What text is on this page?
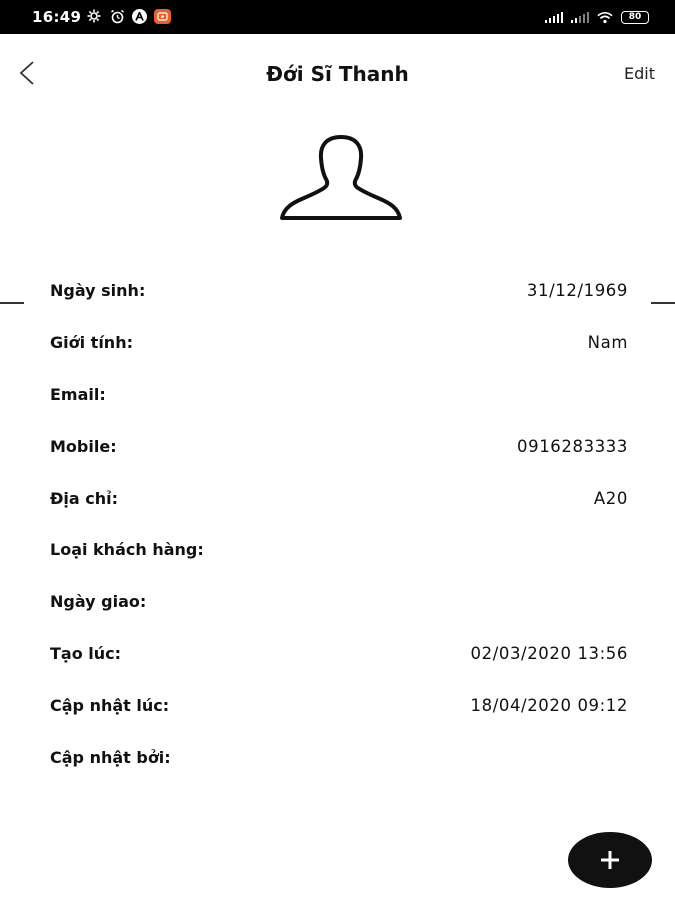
16:49	80
Đới Sĩ Thanh	Edit
Ngày sinh:	31/12/1969
Giới tính:	Nam
Email:
Mobile:	0916283333
Địa chỉ:	A20
Loại khách hàng:
Ngày giao:
Tạo lúc:	02/03/2020 13:56
Cập nhật lúc:	18/04/2020 09:12
Cập nhật bởi:
